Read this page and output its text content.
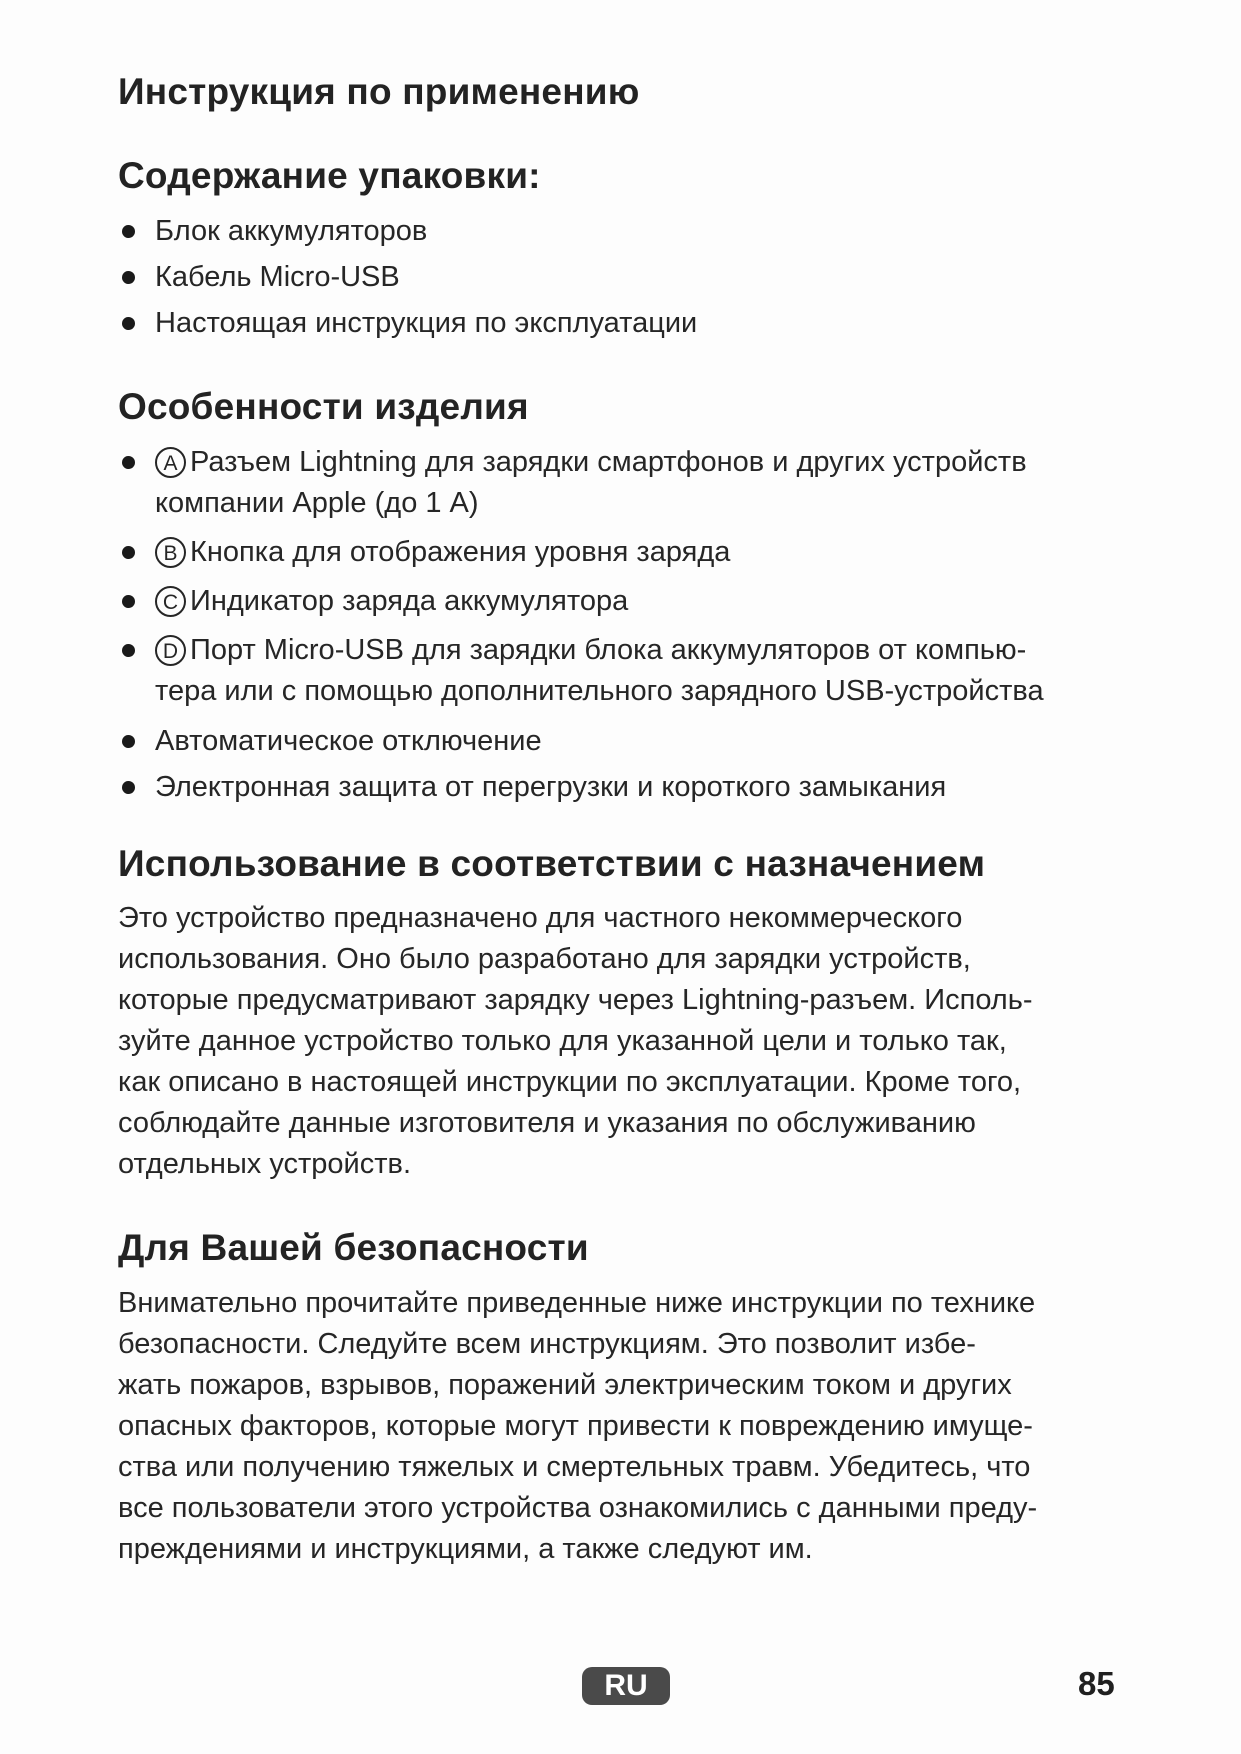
Инструкция по применению
Содержание упаковки:
Блок аккумуляторов
Кабель Micro-USB
Настоящая инструкция по эксплуатации
Особенности изделия
A Разъем Lightning для зарядки смартфонов и других устройств
компании Apple (до 1 А)
B Кнопка для отображения уровня заряда
C Индикатор заряда аккумулятора
D Порт Micro-USB для зарядки блока аккумуляторов от компью-
тера или с помощью дополнительного зарядного USB-устройства
Автоматическое отключение
Электронная защита от перегрузки и короткого замыкания
Использование в соответствии с назначением

Это устройство предназначено для частного некоммерческого
использования. Оно было разработано для зарядки устройств,
которые предусматривают зарядку через Lightning-разъем. Исполь-
зуйте данное устройство только для указанной цели и только так,
как описано в настоящей инструкции по эксплуатации. Кроме того,
соблюдайте данные изготовителя и указания по обслуживанию
отдельных устройств.

Для Вашей безопасности

Внимательно прочитайте приведенные ниже инструкции по технике
безопасности. Следуйте всем инструкциям. Это позволит избе-
жать пожаров, взрывов, поражений электрическим током и других
опасных факторов, которые могут привести к повреждению имуще-
ства или получению тяжелых и смертельных травм. Убедитесь, что
все пользователи этого устройства ознакомились с данными преду-
преждениями и инструкциями, а также следуют им.

RU	85
